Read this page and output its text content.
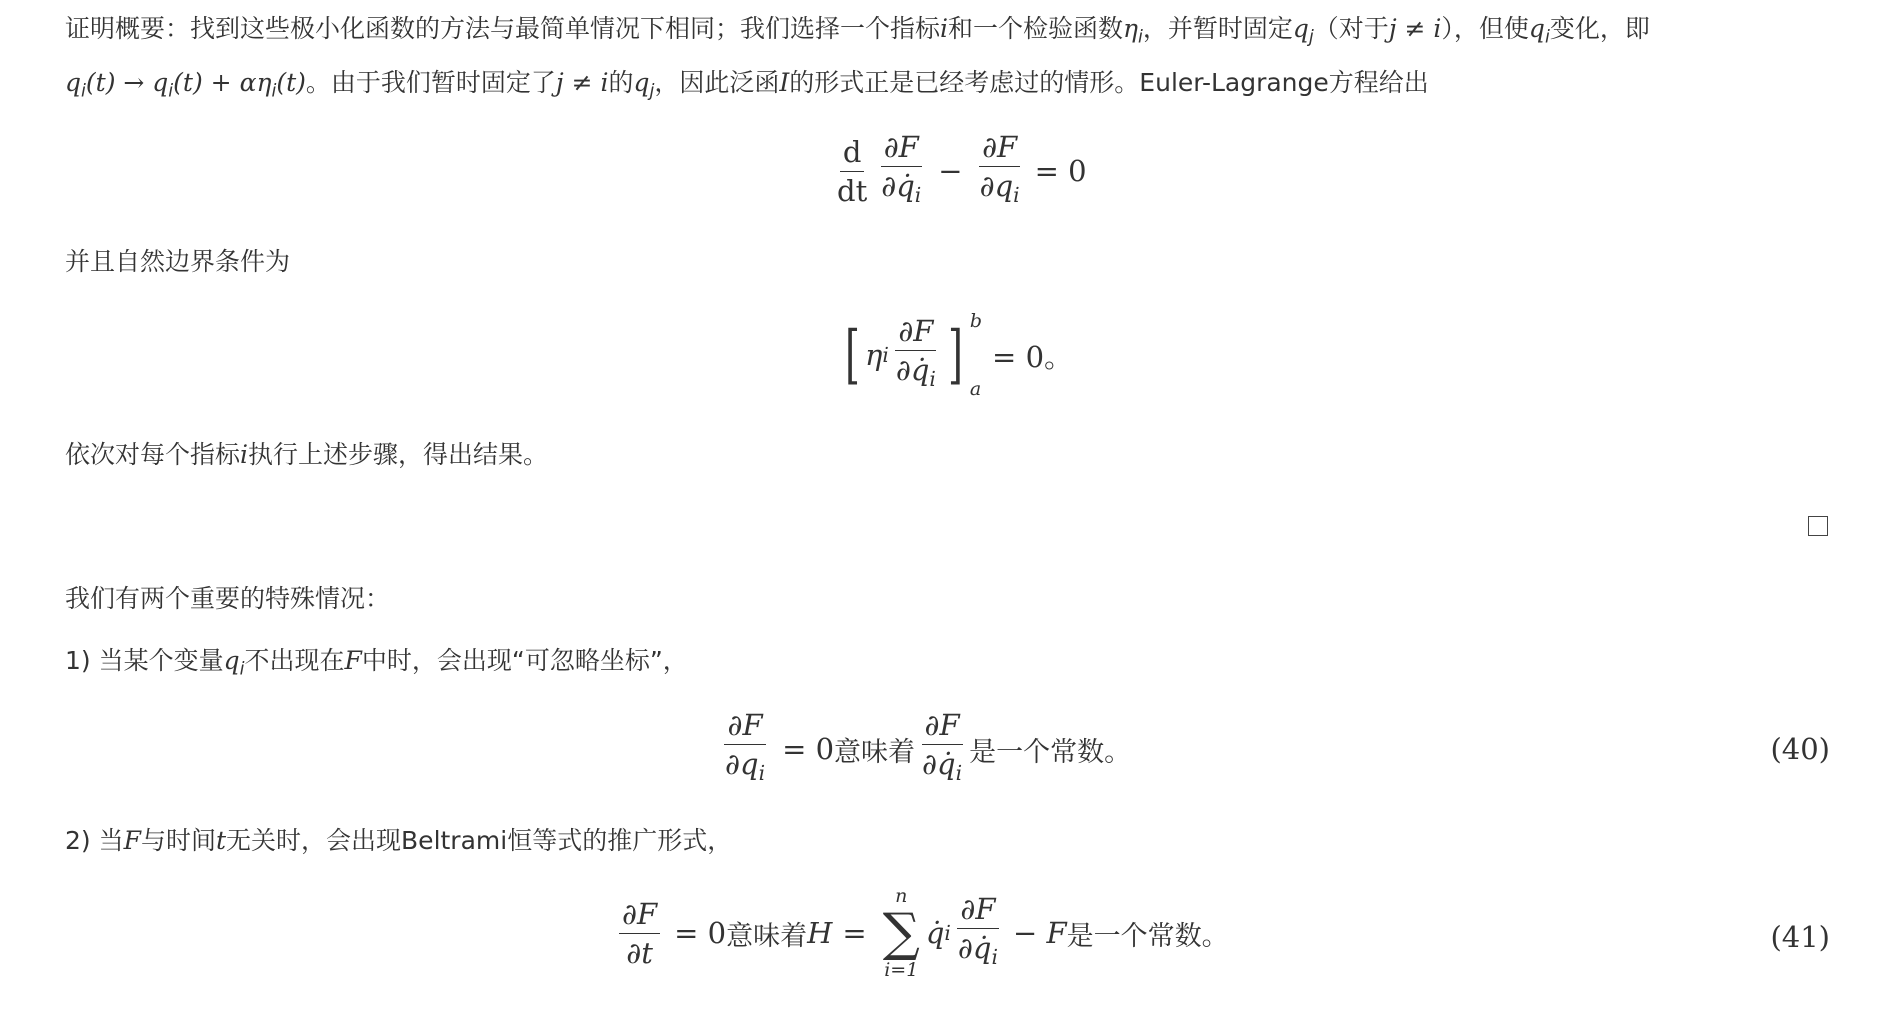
证明概要：找到这些极小化函数的方法与最简单情况下相同；我们选择一个指标i和一个检验函数$\eta_i$，并暂时固定$q_j$（对于j ≠ i），但使$q_i$变化，即
$q_i(t) \to q_i(t) + \alpha\eta_i(t)$。由于我们暂时固定了j ≠ i的$q_j$，因此泛函I的形式正是已经考虑过的情形。Euler-Lagrange方程给出
$\frac{d}{dt} \frac{\partial F}{\partial q̇_i} - \frac{\partial F}{\partial q_i} = 0$
并且自然边界条件为
[ η i $\frac{\partial F}{\partial q̇_i}$ ] b
a
= 0。
依次对每个指标i执行上述步骤，得出结果。
我们有两个重要的特殊情况：
1) 当某个变量$q_i$不出现在F中时，会出现“可忽略坐标”，
$\frac{\partial F}{\partial q_i} = 0$ 意味着 $\frac{\partial F}{\partial q̇_i}$ 是一个常数。	(40)
2) 当F与时间t无关时，会出现Beltrami恒等式的推广形式，
$\frac{\partial F}{\partial t} = 0$ 意味着 H =
n
∑
i=1
q̇ i $\frac{\partial F}{\partial q̇_i} - F$ 是一个常数。	(41)
